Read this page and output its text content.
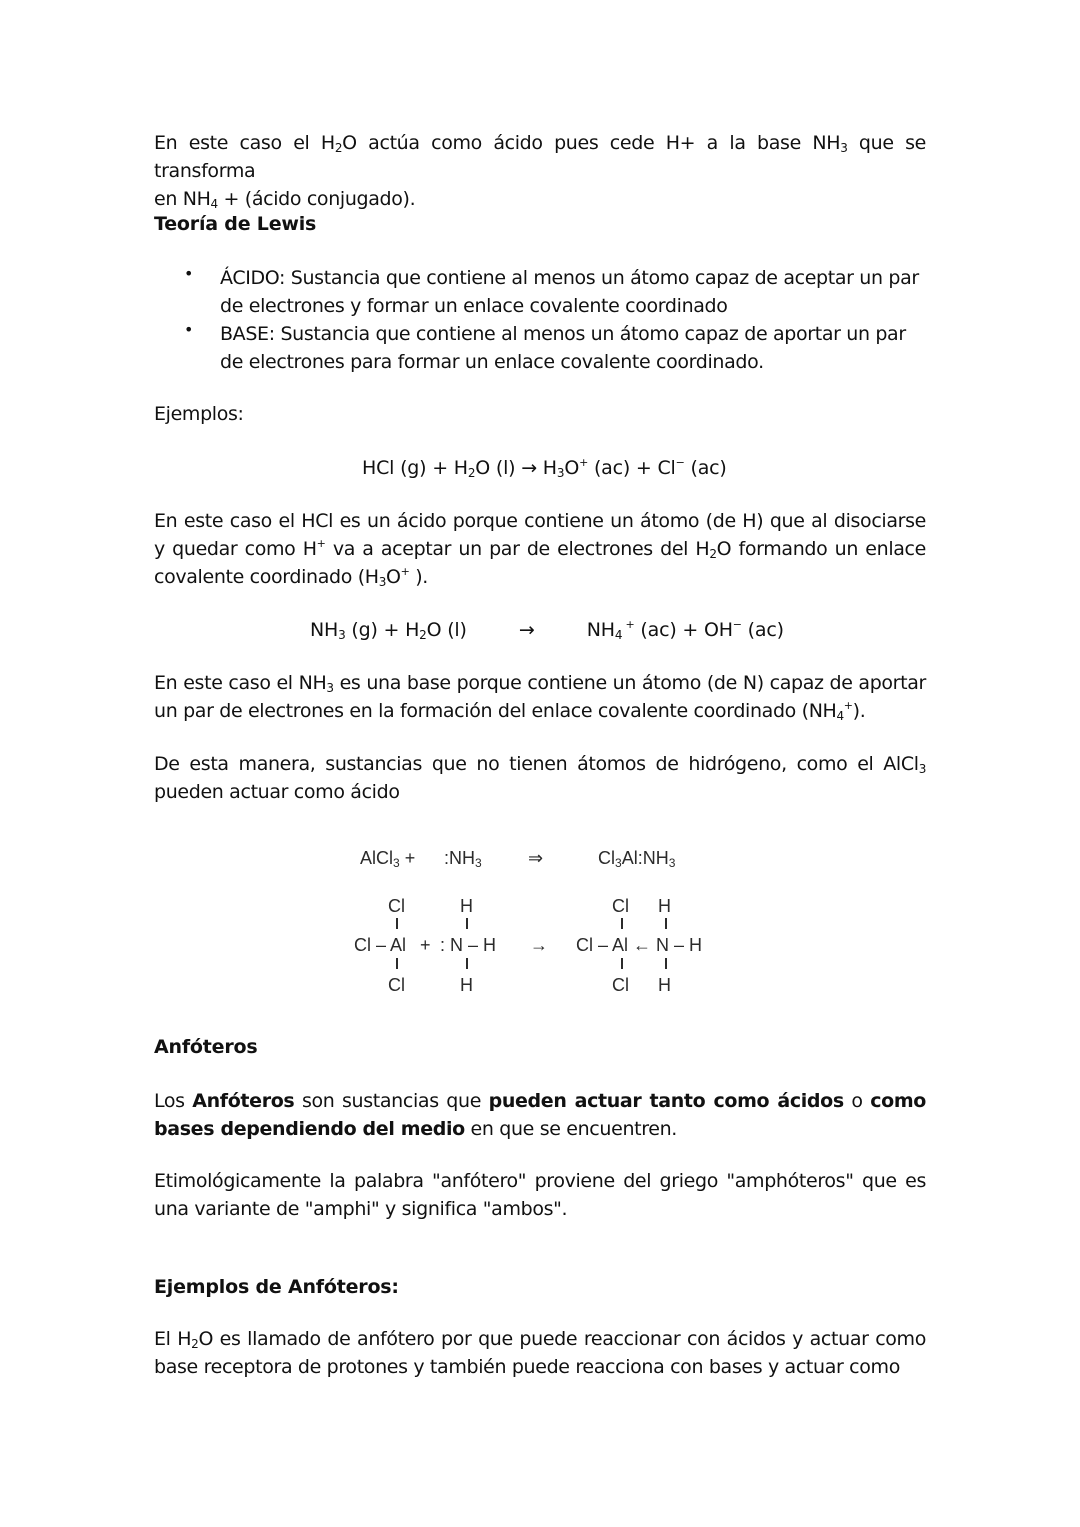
En este caso el $H_2O$ actúa como ácido pues cede H+ a la base $NH_3$ que se transforma
en $NH_4$ + (ácido conjugado).

Teoría de Lewis
•	ÁCIDO: Sustancia que contiene al menos un átomo capaz de aceptar un par de electrones y formar un enlace covalente coordinado
•	BASE: Sustancia que contiene al menos un átomo capaz de aportar un par de electrones para formar un enlace covalente coordinado.
Ejemplos:
HCl $(g) + H_2O$ $(l) \to H_3O^+$ (ac) + Cl− (ac)

En este caso el HCl es un ácido porque contiene un átomo (de H) que al disociarse y quedar como H+ va a aceptar un par de electrones del $H_2O$ formando un enlace covalente coordinado ($H_3O^+$ ).

$NH_3$ $(g) + H_2O$ (l)	→	$NH_4$ + (ac) + OH− (ac)

En este caso el $NH_3$ es una base porque contiene un átomo (de N) capaz de aportar un par de electrones en la formación del enlace covalente coordinado $(NH_4^+)$.

De esta manera, sustancias que no tienen átomos de hidrógeno, como el AlCl$_3$ pueden actuar como ácido

Anfóteros

Los Anfóteros son sustancias que pueden actuar tanto como ácidos o como bases dependiendo del medio en que se encuentren.

Etimológicamente la palabra "anfótero" proviene del griego "amphóteros" que es una variante de "amphi" y significa "ambos".

Ejemplos de Anfóteros:

El $H_2O$ es llamado de anfótero por que puede reaccionar con ácidos y actuar como base receptora de protones y también puede reacciona con bases y actuar como

AlCl$_3$ + $:NH_3$	⇒	$Cl_3Al:NH_3$
Cl
Cl – Al
Cl
+
H
: N – H
H
→
Cl H
Cl – Al ← N – H
Cl H
